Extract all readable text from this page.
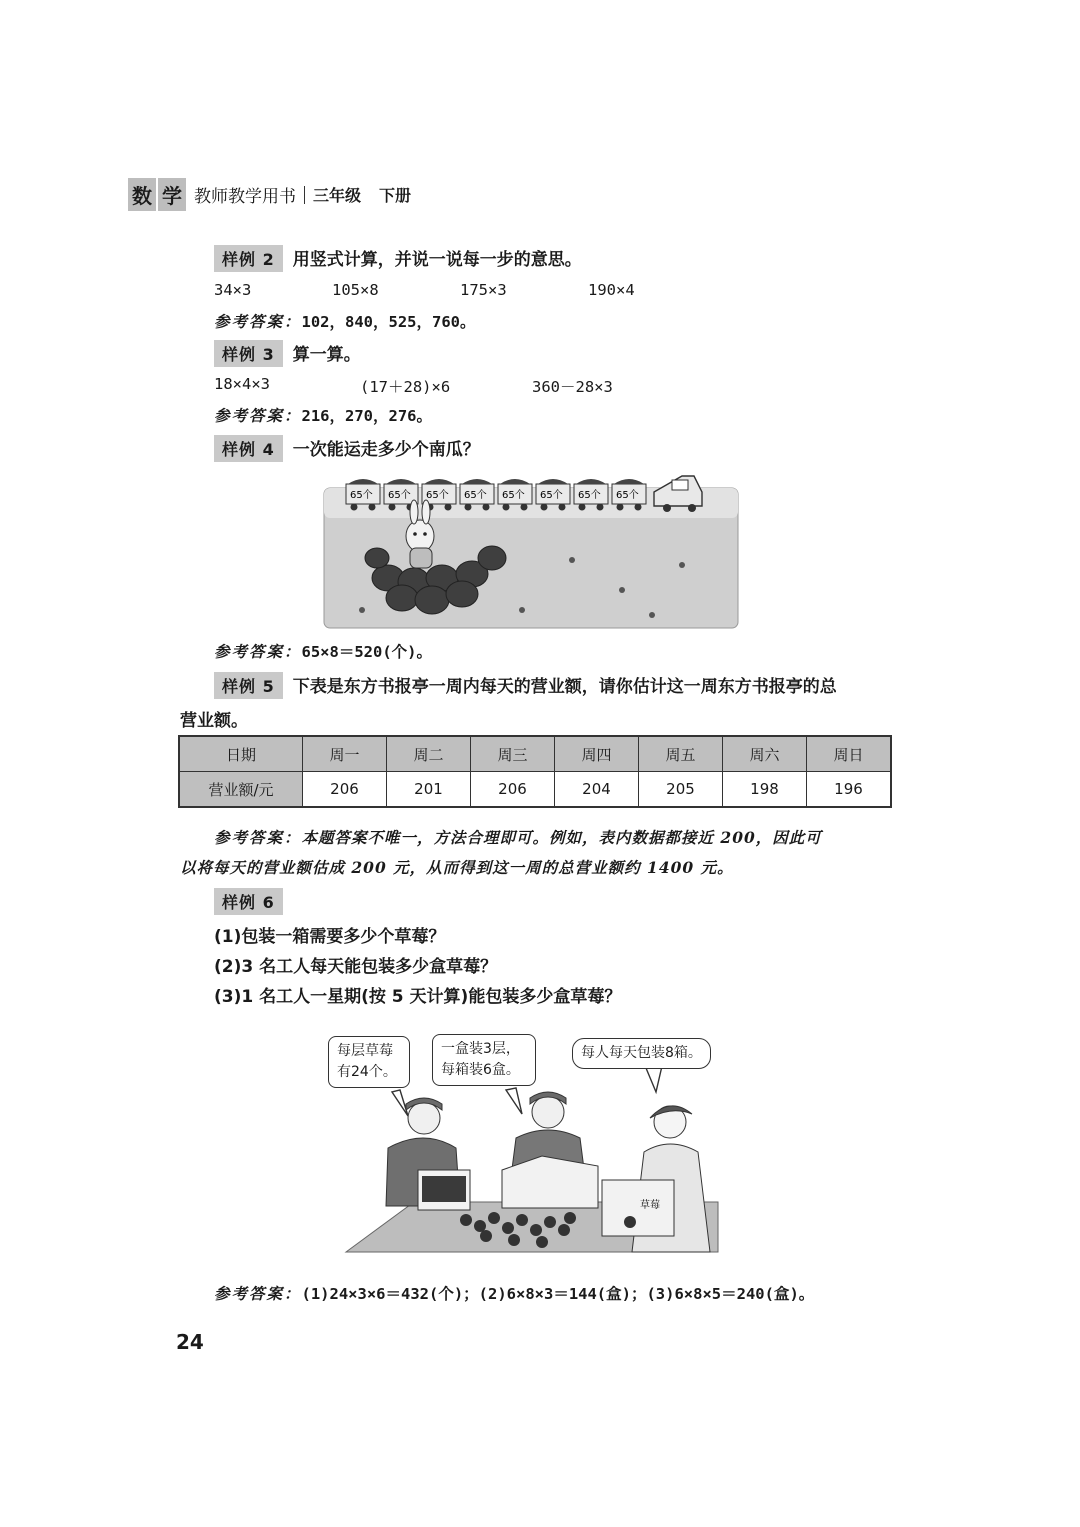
数 学 教师教学用书 三年级 下册
样例 2 用竖式计算，并说一说每一步的意思。
34×3	105×8	175×3	190×4
参考答案：102，840，525，760。
样例 3 算一算。
18×4×3	(17＋28)×6	360－28×3
参考答案：216，270，276。
样例 4 一次能运走多少个南瓜？
65个 65个 65个 65个 65个 65个 65个 65个
参考答案：65×8＝520(个)。
样例 5 下表是东方书报亭一周内每天的营业额，请你估计这一周东方书报亭的总
营业额。
日期	周一	周二	周三	周四	周五	周六	周日
营业额/元	206	201	206	204	205	198	196
参考答案：本题答案不唯一，方法合理即可。例如，表内数据都接近 200，因此可
以将每天的营业额估成 200 元，从而得到这一周的总营业额约 1400 元。
样例 6
(1)包装一箱需要多少个草莓？
(2)3 名工人每天能包装多少盒草莓？
(3)1 名工人一星期(按 5 天计算)能包装多少盒草莓？
草莓
每层草莓
有24个。
一盒装3层，
每箱装6盒。
每人每天包装8箱。
参考答案：(1)24×3×6＝432(个)；(2)6×8×3＝144(盒)；(3)6×8×5＝240(盒)。
24
